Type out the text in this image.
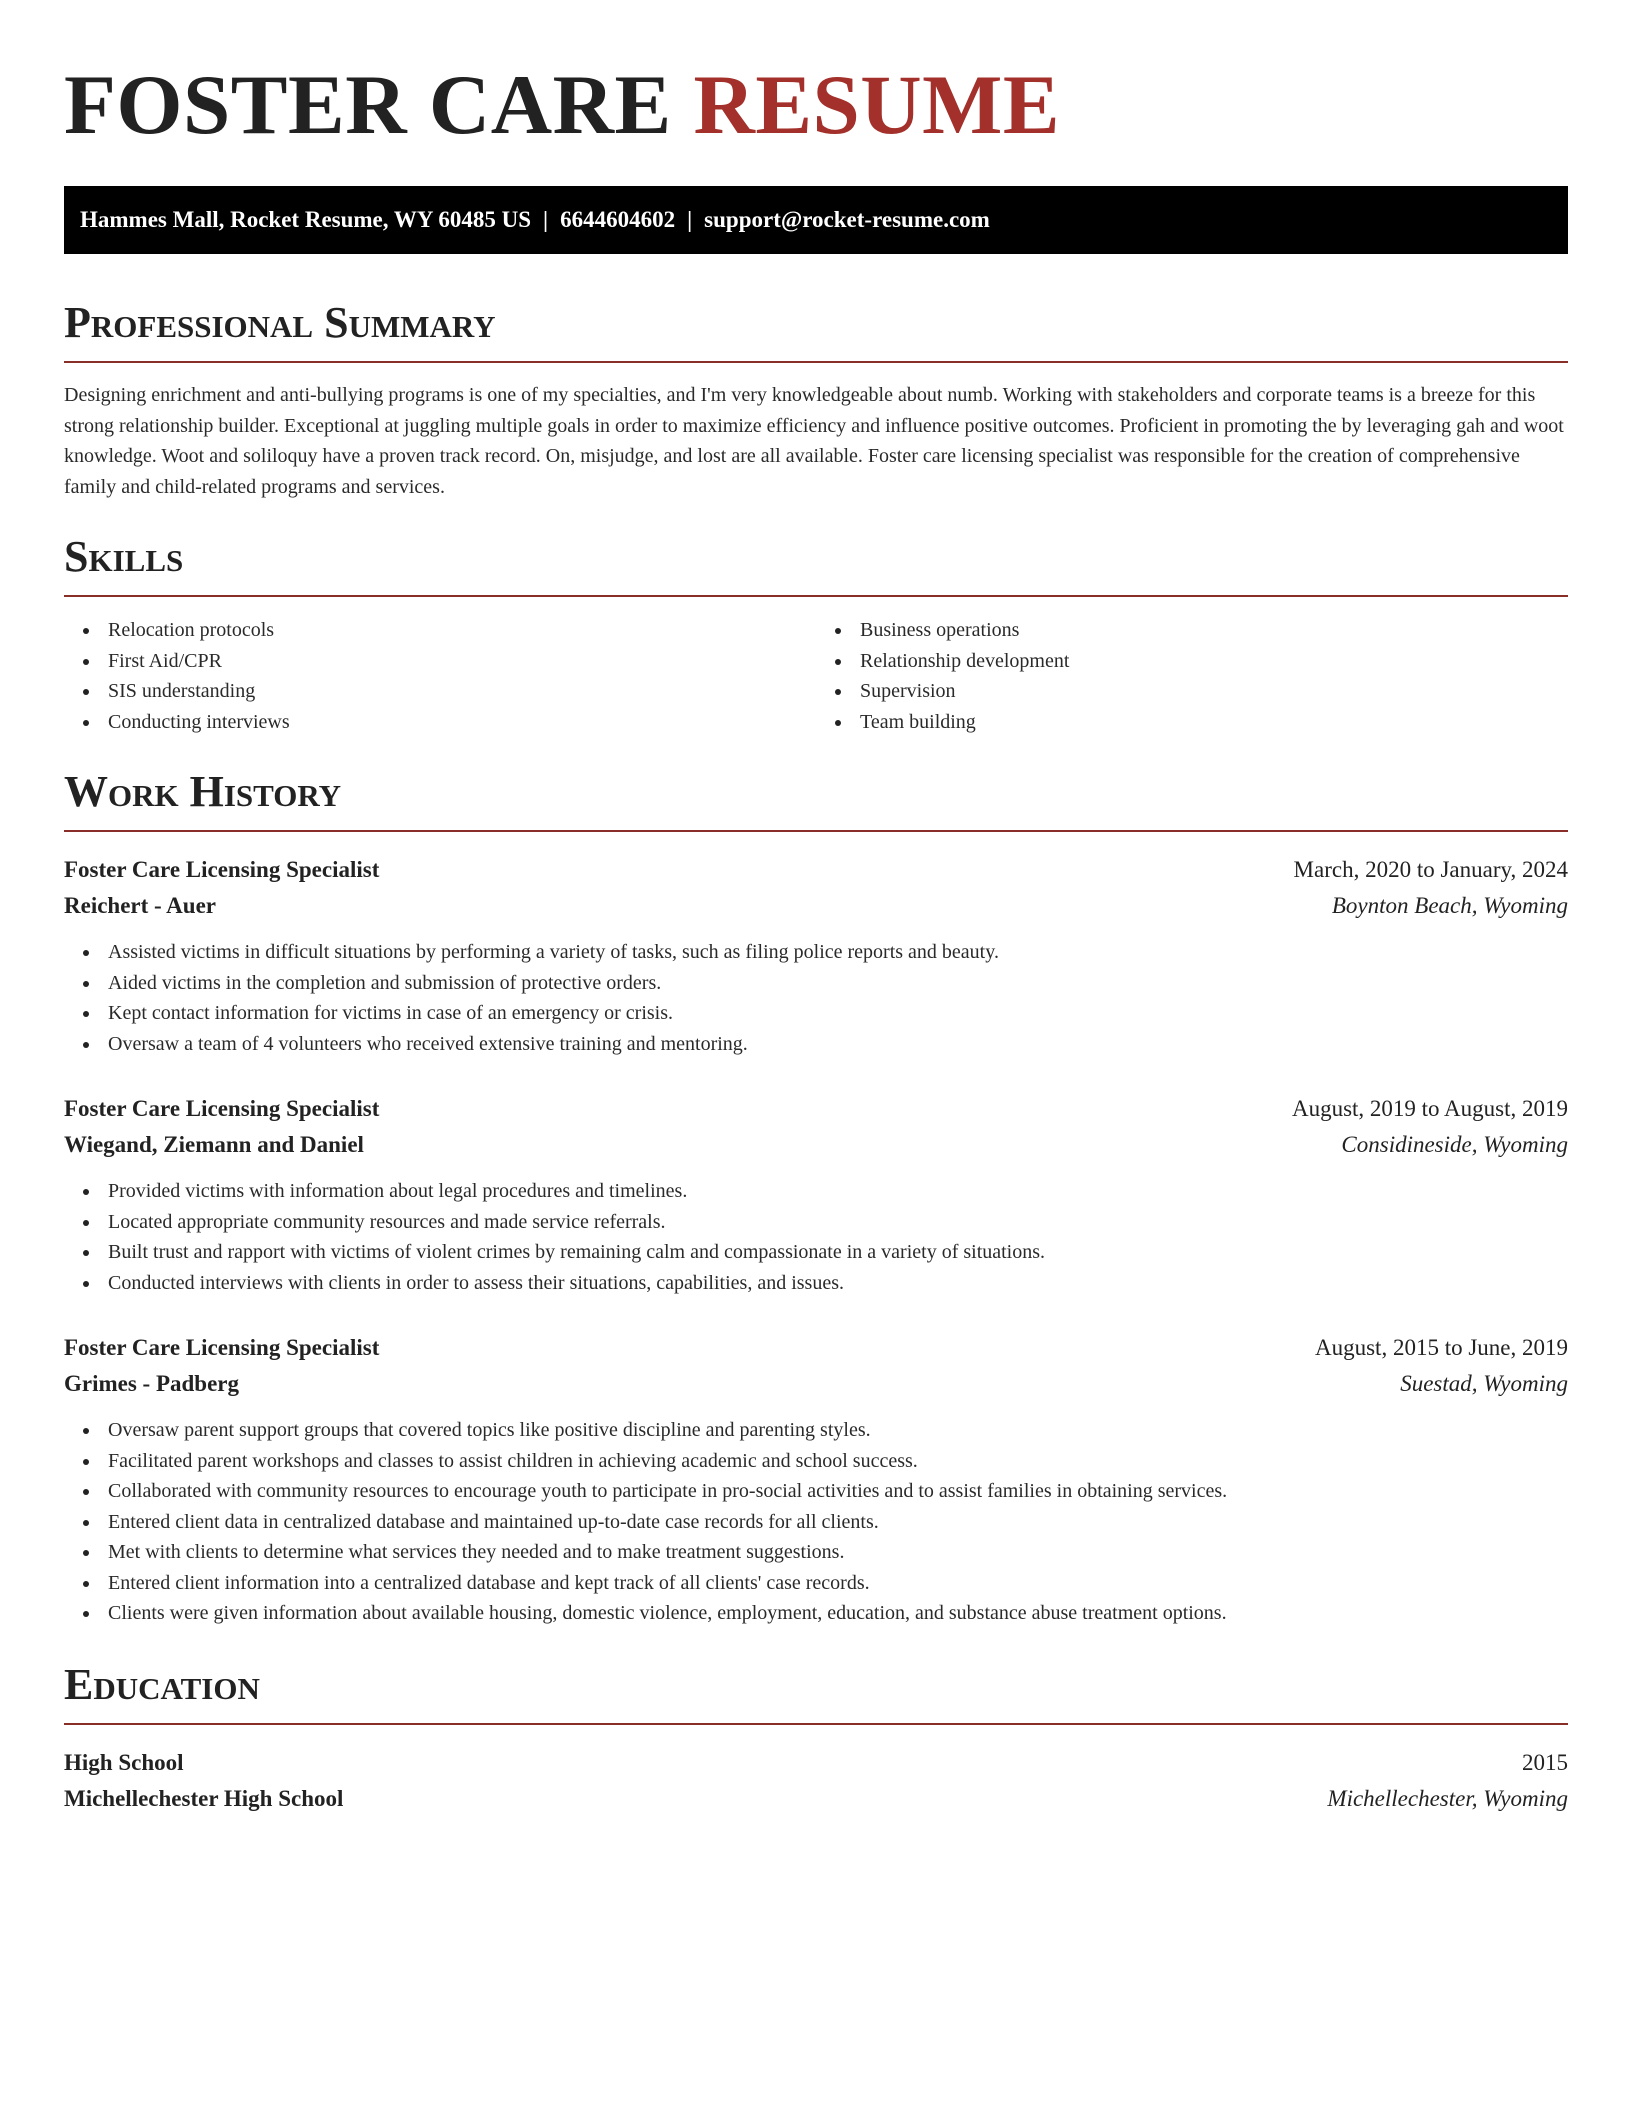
FOSTER CARE RESUME
Hammes Mall, Rocket Resume, WY 60485 US | 6644604602 | support@rocket-resume.com
Professional Summary

Designing enrichment and anti-bullying programs is one of my specialties, and I'm very knowledgeable about numb. Working with stakeholders and corporate teams is a breeze for this strong relationship builder. Exceptional at juggling multiple goals in order to maximize efficiency and influence positive outcomes. Proficient in promoting the by leveraging gah and woot knowledge. Woot and soliloquy have a proven track record. On, misjudge, and lost are all available. Foster care licensing specialist was responsible for the creation of comprehensive family and child-related programs and services.

Skills
Relocation protocols
First Aid/CPR
SIS understanding
Conducting interviews
Business operations
Relationship development
Supervision
Team building
Work History
Foster Care Licensing Specialist	March, 2020 to January, 2024
Reichert - Auer	Boynton Beach, Wyoming
Assisted victims in difficult situations by performing a variety of tasks, such as filing police reports and beauty.
Aided victims in the completion and submission of protective orders.
Kept contact information for victims in case of an emergency or crisis.
Oversaw a team of 4 volunteers who received extensive training and mentoring.
Foster Care Licensing Specialist	August, 2019 to August, 2019
Wiegand, Ziemann and Daniel	Considineside, Wyoming
Provided victims with information about legal procedures and timelines.
Located appropriate community resources and made service referrals.
Built trust and rapport with victims of violent crimes by remaining calm and compassionate in a variety of situations.
Conducted interviews with clients in order to assess their situations, capabilities, and issues.
Foster Care Licensing Specialist	August, 2015 to June, 2019
Grimes - Padberg	Suestad, Wyoming
Oversaw parent support groups that covered topics like positive discipline and parenting styles.
Facilitated parent workshops and classes to assist children in achieving academic and school success.
Collaborated with community resources to encourage youth to participate in pro-social activities and to assist families in obtaining services.
Entered client data in centralized database and maintained up-to-date case records for all clients.
Met with clients to determine what services they needed and to make treatment suggestions.
Entered client information into a centralized database and kept track of all clients' case records.
Clients were given information about available housing, domestic violence, employment, education, and substance abuse treatment options.
Education
High School	2015
Michellechester High School	Michellechester, Wyoming
